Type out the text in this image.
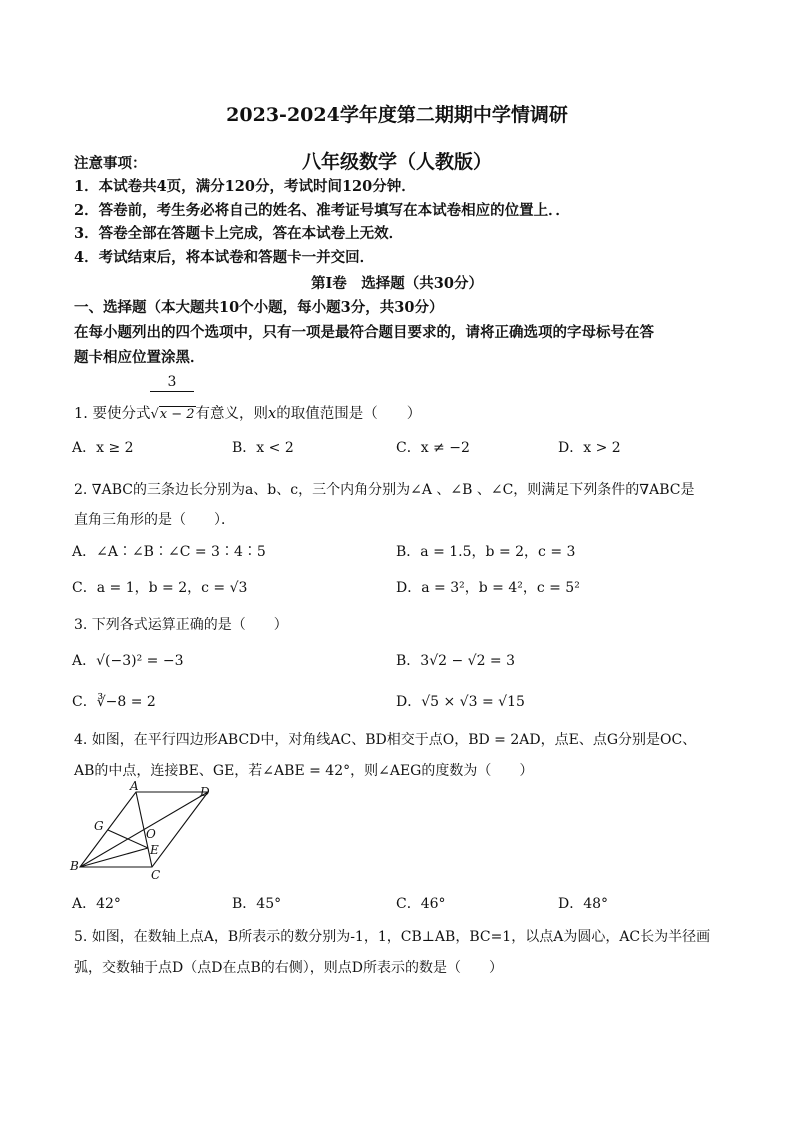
2023-2024学年度第二期期中学情调研
八年级数学（人教版）
注意事项：
1．本试卷共4页，满分120分，考试时间120分钟．
2．答卷前，考生务必将自己的姓名、准考证号填写在本试卷相应的位置上．．
3．答卷全部在答题卡上完成，答在本试卷上无效．
4．考试结束后，将本试卷和答题卡一并交回．
第Ⅰ卷　选择题（共30分）
一、选择题（本大题共10个小题，每小题3分，共30分）
在每小题列出的四个选项中，只有一项是最符合题目要求的，请将正确选项的字母标号在答
题卡相应位置涂黑．
3
1. 要使分式√x − 2有意义，则x的取值范围是（　　）
A．x ≥ 2	B．x < 2	C．x ≠ −2	D．x > 2
2. ∇ABC的三条边长分别为a、b、c，三个内角分别为∠A 、∠B 、∠C，则满足下列条件的∇ABC是
直角三角形的是（　　）．
A．∠A∶∠B∶∠C = 3∶4∶5	B．a = 1.5，b = 2，c = 3
C．a = 1，b = 2，c = √3	D．a = 3²，b = 4²，c = 5²
3. 下列各式运算正确的是（　　）
A．√(−3)² = −3	B．3√2 − √2 = 3
C．∛−8 = 2	D．√5 × √3 = √15
4. 如图，在平行四边形ABCD中，对角线AC、BD相交于点O，BD = 2AD，点E、点G分别是OC、
AB的中点，连接BE、GE，若∠ABE = 42°，则∠AEG的度数为（　　）
A	D
G
O
E
B
C
A．42°	B．45°	C．46°	D．48°
5. 如图，在数轴上点A，B所表示的数分别为-1，1，CB⊥AB，BC=1，以点A为圆心，AC长为半径画
弧，交数轴于点D（点D在点B的右侧），则点D所表示的数是（　　）
